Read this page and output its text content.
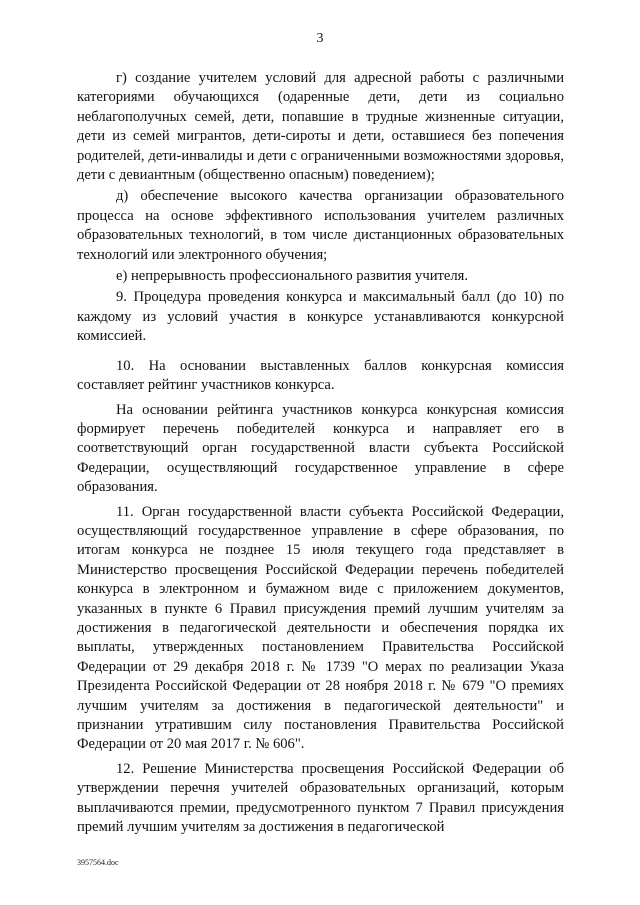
3

г) создание учителем условий для адресной работы с различными категориями обучающихся (одаренные дети, дети из социально неблагополучных семей, дети, попавшие в трудные жизненные ситуации, дети из семей мигрантов, дети-сироты и дети, оставшиеся без попечения родителей, дети-инвалиды и дети с ограниченными возможностями здоровья, дети с девиантным (общественно опасным) поведением);

д) обеспечение высокого качества организации образовательного процесса на основе эффективного использования учителем различных образовательных технологий, в том числе дистанционных образовательных технологий или электронного обучения;

е) непрерывность профессионального развития учителя.

9. Процедура проведения конкурса и максимальный балл (до 10) по каждому из условий участия в конкурсе устанавливаются конкурсной комиссией.

10. На основании выставленных баллов конкурсная комиссия составляет рейтинг участников конкурса.

На основании рейтинга участников конкурса конкурсная комиссия формирует перечень победителей конкурса и направляет его в соответствующий орган государственной власти субъекта Российской Федерации, осуществляющий государственное управление в сфере образования.

11. Орган государственной власти субъекта Российской Федерации, осуществляющий государственное управление в сфере образования, по итогам конкурса не позднее 15 июля текущего года представляет в Министерство просвещения Российской Федерации перечень победителей конкурса в электронном и бумажном виде с приложением документов, указанных в пункте 6 Правил присуждения премий лучшим учителям за достижения в педагогической деятельности и обеспечения порядка их выплаты, утвержденных постановлением Правительства Российской Федерации от 29 декабря 2018 г. № 1739 "О мерах по реализации Указа Президента Российской Федерации от 28 ноября 2018 г. № 679 "О премиях лучшим учителям за достижения в педагогической деятельности" и признании утратившим силу постановления Правительства Российской Федерации от 20 мая 2017 г. № 606".

12. Решение Министерства просвещения Российской Федерации об утверждении перечня учителей образовательных организаций, которым выплачиваются премии, предусмотренного пунктом 7 Правил присуждения премий лучшим учителям за достижения в педагогической

3957564.doc
